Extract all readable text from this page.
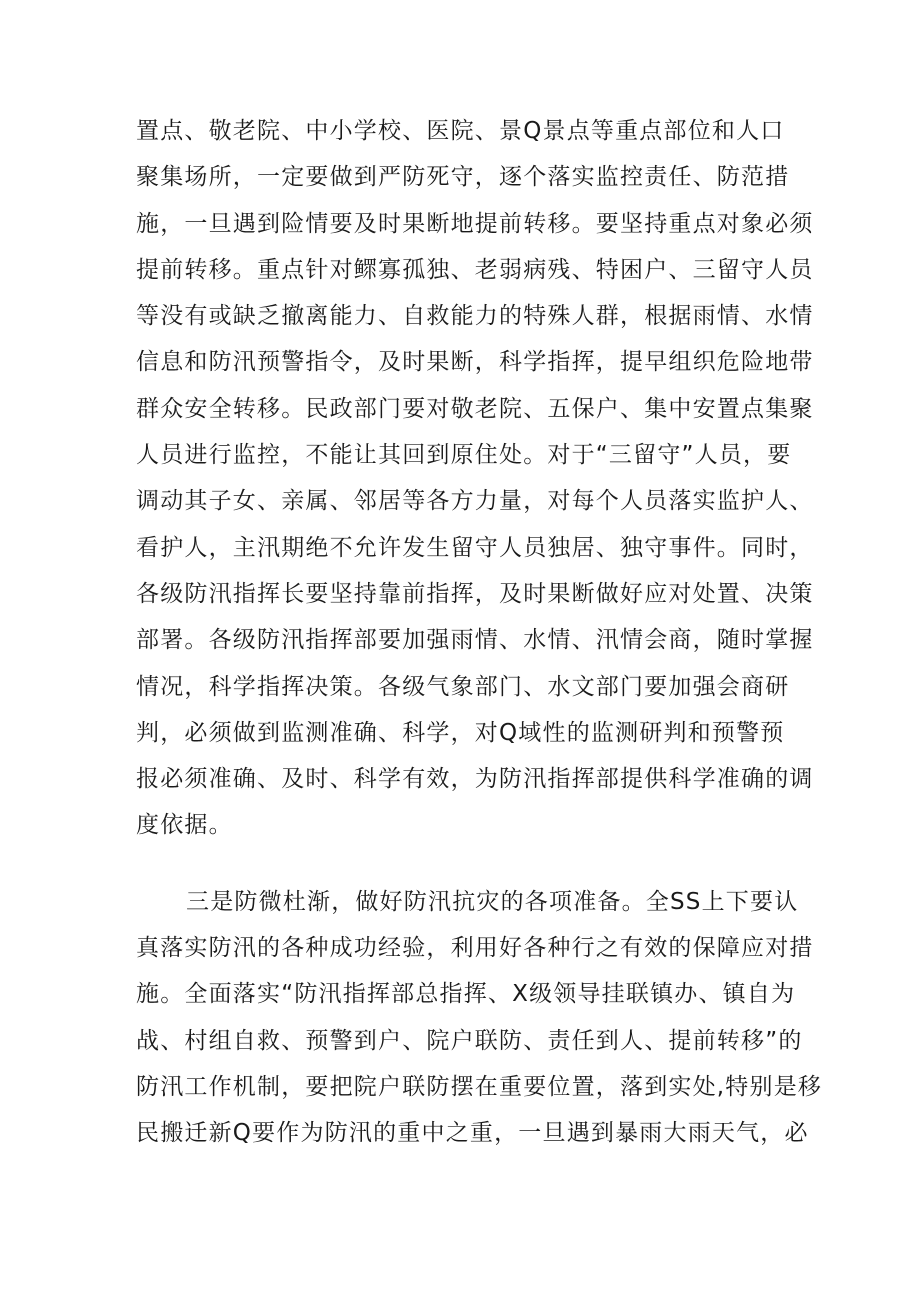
置点、敬老院、中小学校、医院、景Q景点等重点部位和人口
聚集场所，一定要做到严防死守，逐个落实监控责任、防范措
施，一旦遇到险情要及时果断地提前转移。要坚持重点对象必须
提前转移。重点针对鳏寡孤独、老弱病残、特困户、三留守人员
等没有或缺乏撤离能力、自救能力的特殊人群，根据雨情、水情
信息和防汛预警指令，及时果断，科学指挥，提早组织危险地带
群众安全转移。民政部门要对敬老院、五保户、集中安置点集聚
人员进行监控，不能让其回到原住处。对于“三留守”人员，要
调动其子女、亲属、邻居等各方力量，对每个人员落实监护人、
看护人，主汛期绝不允许发生留守人员独居、独守事件。同时，
各级防汛指挥长要坚持靠前指挥，及时果断做好应对处置、决策
部署。各级防汛指挥部要加强雨情、水情、汛情会商，随时掌握
情况，科学指挥决策。各级气象部门、水文部门要加强会商研
判，必须做到监测准确、科学，对Q域性的监测研判和预警预
报必须准确、及时、科学有效，为防汛指挥部提供科学准确的调
度依据。
三是防微杜渐，做好防汛抗灾的各项准备。全SS上下要认
真落实防汛的各种成功经验，利用好各种行之有效的保障应对措
施。全面落实“防汛指挥部总指挥、X级领导挂联镇办、镇自为
战、村组自救、预警到户、院户联防、责任到人、提前转移”的
防汛工作机制，要把院户联防摆在重要位置，落到实处,特别是移
民搬迁新Q要作为防汛的重中之重，一旦遇到暴雨大雨天气，必
